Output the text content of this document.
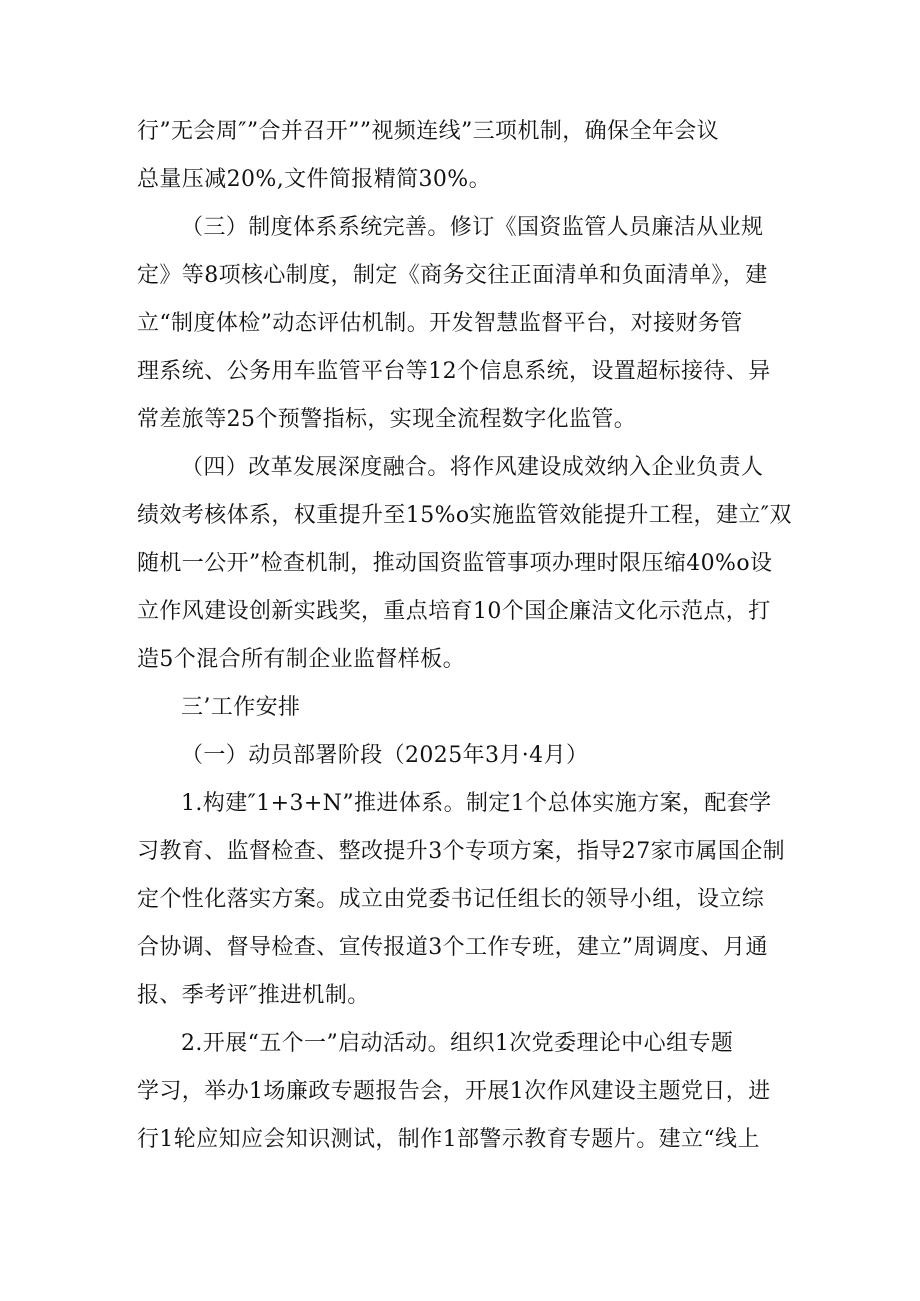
行”无会周″”合并召开””视频连线”三项机制，确保全年会议
总量压减20%,文件简报精简30%。
（三）制度体系系统完善。修订《国资监管人员廉洁从业规
定》等8项核心制度，制定《商务交往正面清单和负面清单》，建
立“制度体检”动态评估机制。开发智慧监督平台，对接财务管
理系统、公务用车监管平台等12个信息系统，设置超标接待、异
常差旅等25个预警指标，实现全流程数字化监管。
（四）改革发展深度融合。将作风建设成效纳入企业负责人
绩效考核体系，权重提升至15%o实施监管效能提升工程，建立″双
随机一公开”检查机制，推动国资监管事项办理时限压缩40%o设
立作风建设创新实践奖，重点培育10个国企廉洁文化示范点，打
造5个混合所有制企业监督样板。
三’工作安排
（一）动员部署阶段（2025年3月·4月）
1.构建″1+3+N”推进体系。制定1个总体实施方案，配套学
习教育、监督检查、整改提升3个专项方案，指导27家市属国企制
定个性化落实方案。成立由党委书记任组长的领导小组，设立综
合协调、督导检查、宣传报道3个工作专班，建立”周调度、月通
报、季考评″推进机制。
2.开展“五个一”启动活动。组织1次党委理论中心组专题
学习，举办1场廉政专题报告会，开展1次作风建设主题党日，进
行1轮应知应会知识测试，制作1部警示教育专题片。建立“线上
